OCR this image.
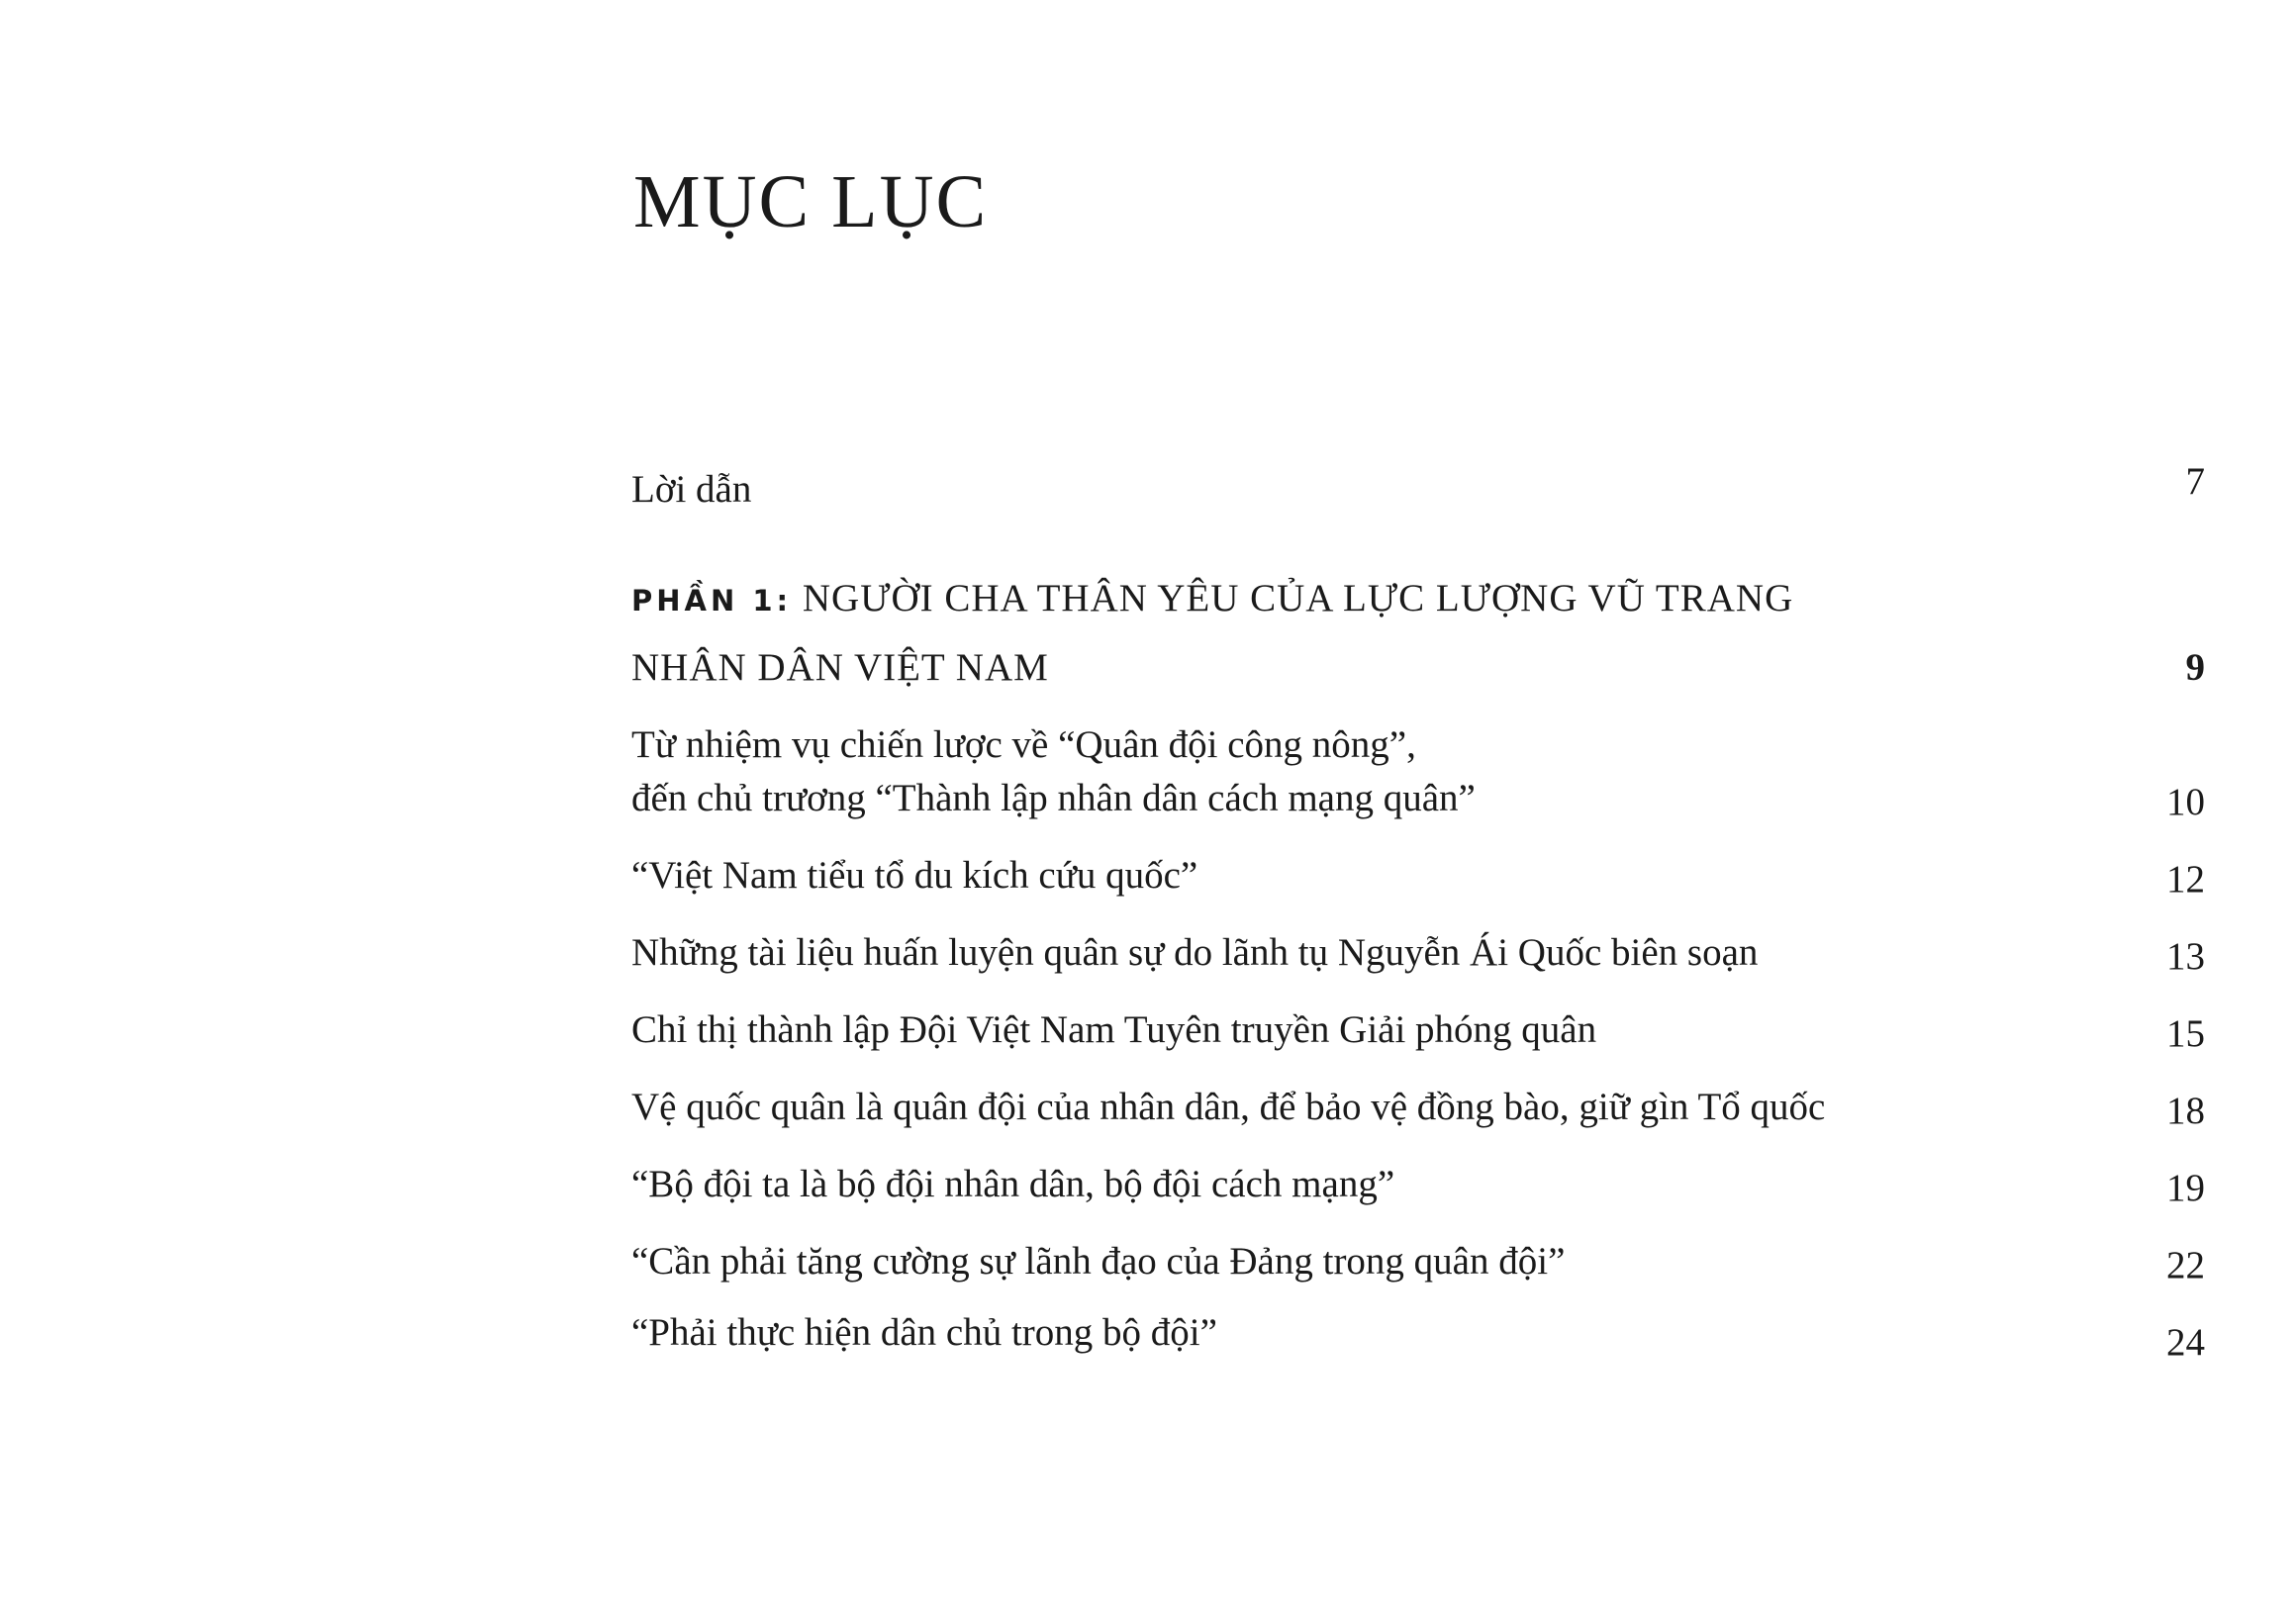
MỤC LỤC
Lời dẫn	7
PHẦN 1: NGƯỜI CHA THÂN YÊU CỦA LỰC LƯỢNG VŨ TRANG
NHÂN DÂN VIỆT NAM	9
Từ nhiệm vụ chiến lược về “Quân đội công nông”,
đến chủ trương “Thành lập nhân dân cách mạng quân”	10
“Việt Nam tiểu tổ du kích cứu quốc”	12
Những tài liệu huấn luyện quân sự do lãnh tụ Nguyễn Ái Quốc biên soạn	13
Chỉ thị thành lập Đội Việt Nam Tuyên truyền Giải phóng quân	15
Vệ quốc quân là quân đội của nhân dân, để bảo vệ đồng bào, giữ gìn Tổ quốc	18
“Bộ đội ta là bộ đội nhân dân, bộ đội cách mạng”	19
“Cần phải tăng cường sự lãnh đạo của Đảng trong quân đội”	22
“Phải thực hiện dân chủ trong bộ đội”	24
